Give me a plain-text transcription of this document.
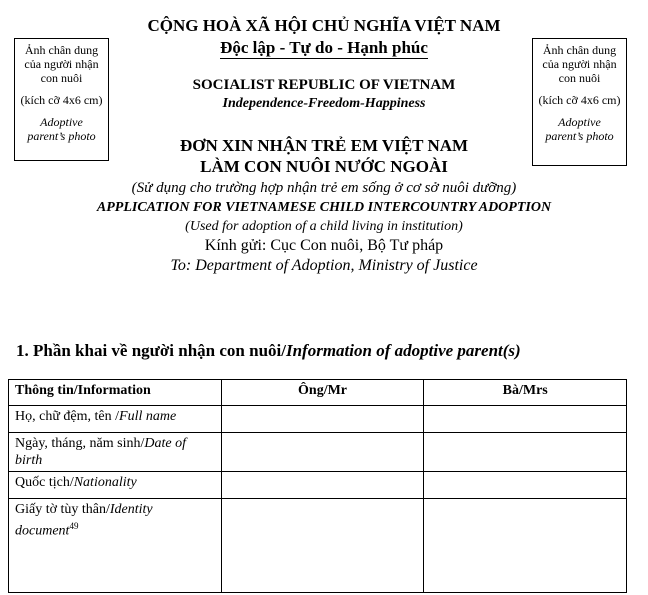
CỘNG HOÀ XÃ HỘI CHỦ NGHĨA VIỆT NAM
Độc lập - Tự do - Hạnh phúc
SOCIALIST REPUBLIC OF VIETNAM
Independence-Freedom-Happiness
Ảnh chân dung
của người nhận
con nuôi
(kích cỡ 4x6 cm)
Adoptive
parent’s photo
Ảnh chân dung
của người nhận
con nuôi
(kích cỡ 4x6 cm)
Adoptive
parent’s photo
ĐƠN XIN NHẬN TRẺ EM VIỆT NAM
LÀM CON NUÔI NƯỚC NGOÀI
(Sử dụng cho trường hợp nhận trẻ em sống ở cơ sở nuôi dưỡng)
APPLICATION FOR VIETNAMESE CHILD INTERCOUNTRY ADOPTION
(Used for adoption of a child living in institution)
Kính gửi: Cục Con nuôi, Bộ Tư pháp
To: Department of Adoption, Ministry of Justice
1. Phần khai về người nhận con nuôi/Information of adoptive parent(s)
Thông tin/Information	Ông/Mr	Bà/Mrs
Họ, chữ đệm, tên /Full name		
Ngày, tháng, năm sinh/Date of birth		
Quốc tịch/Nationality		
Giấy tờ tùy thân/Identity document$^{49}$		
